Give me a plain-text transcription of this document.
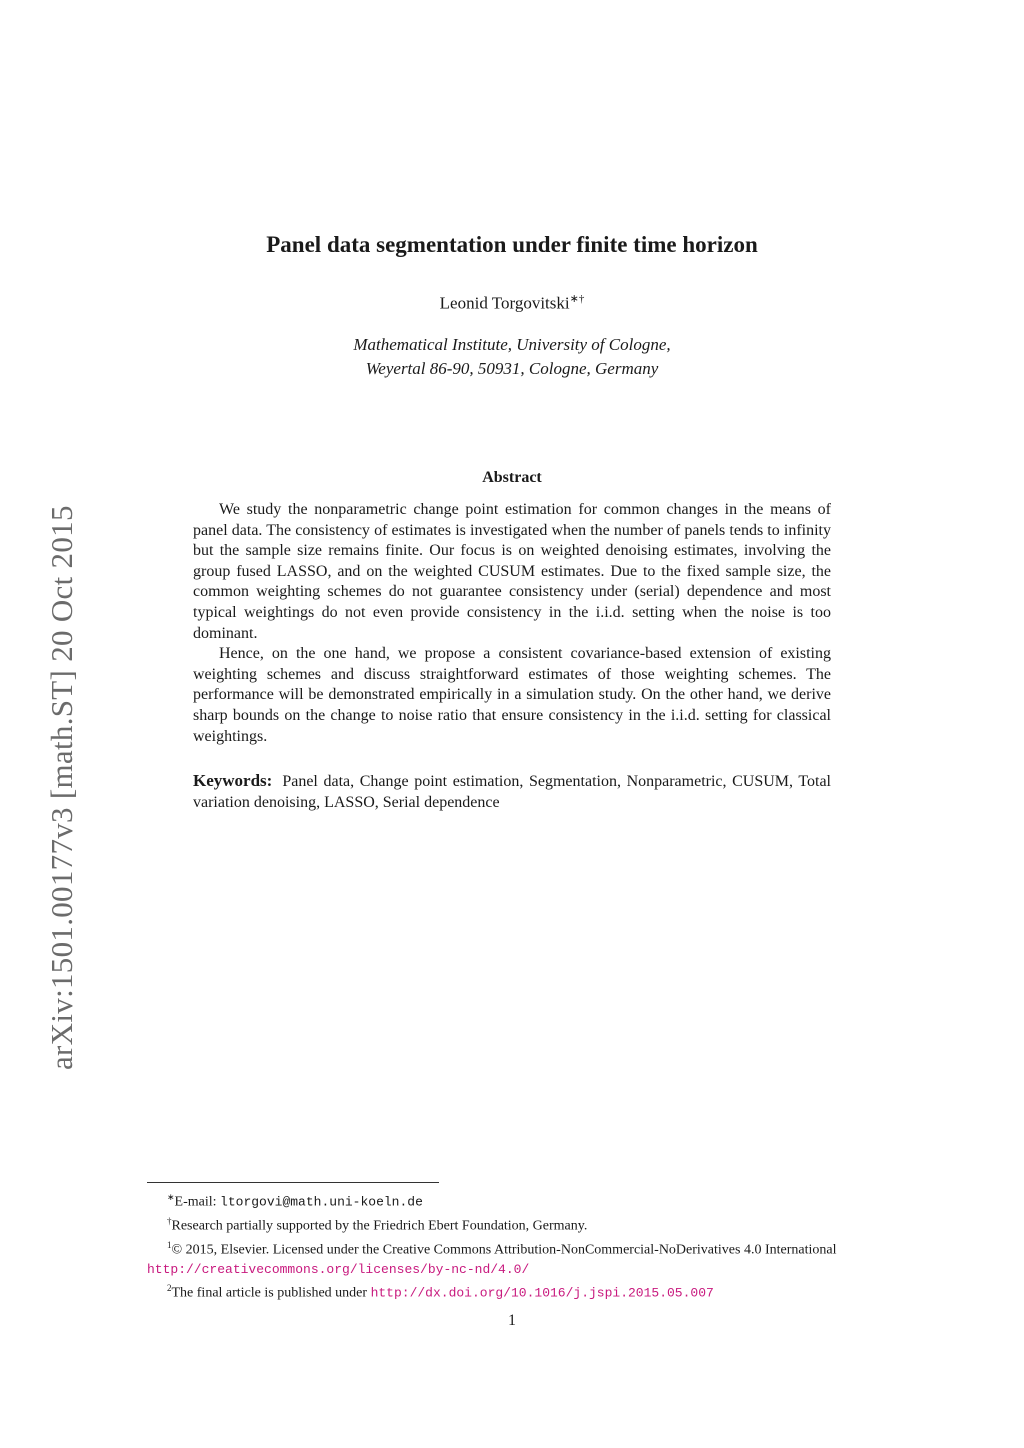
arXiv:1501.00177v3 [math.ST] 20 Oct 2015
Panel data segmentation under finite time horizon
Leonid Torgovitski∗†
Mathematical Institute, University of Cologne,
Weyertal 86-90, 50931, Cologne, Germany
Abstract

We study the nonparametric change point estimation for common changes in the means of panel data. The consistency of estimates is investigated when the number of panels tends to infinity but the sample size remains finite. Our focus is on weighted denoising estimates, involving the group fused LASSO, and on the weighted CUSUM estimates. Due to the fixed sample size, the common weighting schemes do not guarantee consistency under (serial) dependence and most typical weightings do not even provide consistency in the i.i.d. setting when the noise is too dominant.

Hence, on the one hand, we propose a consistent covariance-based extension of existing weighting schemes and discuss straightforward estimates of those weighting schemes. The performance will be demonstrated empirically in a simulation study. On the other hand, we derive sharp bounds on the change to noise ratio that ensure consistency in the i.i.d. setting for classical weightings.

Keywords: Panel data, Change point estimation, Segmentation, Nonparametric, CUSUM, Total variation denoising, LASSO, Serial dependence

∗E-mail: ltorgovi@math.uni-koeln.de

†Research partially supported by the Friedrich Ebert Foundation, Germany.

$^1$© 2015, Elsevier. Licensed under the Creative Commons Attribution-NonCommercial-NoDerivatives 4.0 International http://creativecommons.org/licenses/by-nc-nd/4.0/

$^2$The final article is published under http://dx.doi.org/10.1016/j.jspi.2015.05.007

1
